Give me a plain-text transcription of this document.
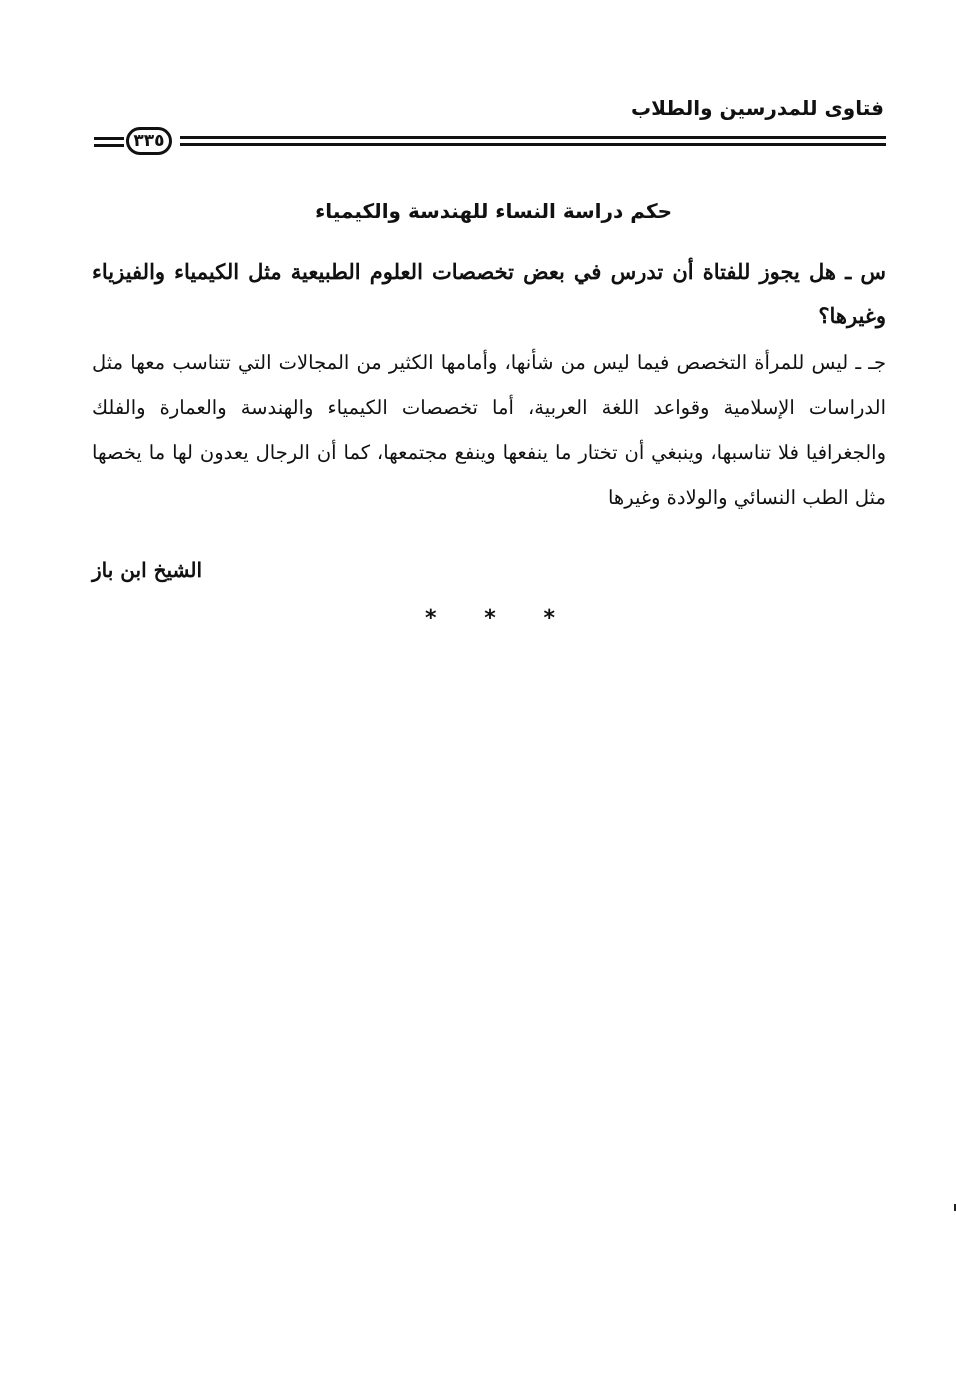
فتاوى للمدرسين والطلاب
٣٣٥
حكم دراسة النساء للهندسة والكيمياء
س ـ هل يجوز للفتاة أن تدرس في بعض تخصصات العلوم الطبيعية مثل الكيمياء والفيزياء وغيرها؟
جـ ـ ليس للمرأة التخصص فيما ليس من شأنها، وأمامها الكثير من المجالات التي تتناسب معها مثل الدراسات الإسلامية وقواعد اللغة العربية، أما تخصصات الكيمياء والهندسة والعمارة والفلك والجغرافيا فلا تناسبها، وينبغي أن تختار ما ينفعها وينفع مجتمعها، كما أن الرجال يعدون لها ما يخصها مثل الطب النسائي والولادة وغيرها
الشيخ ابن باز
* * *
